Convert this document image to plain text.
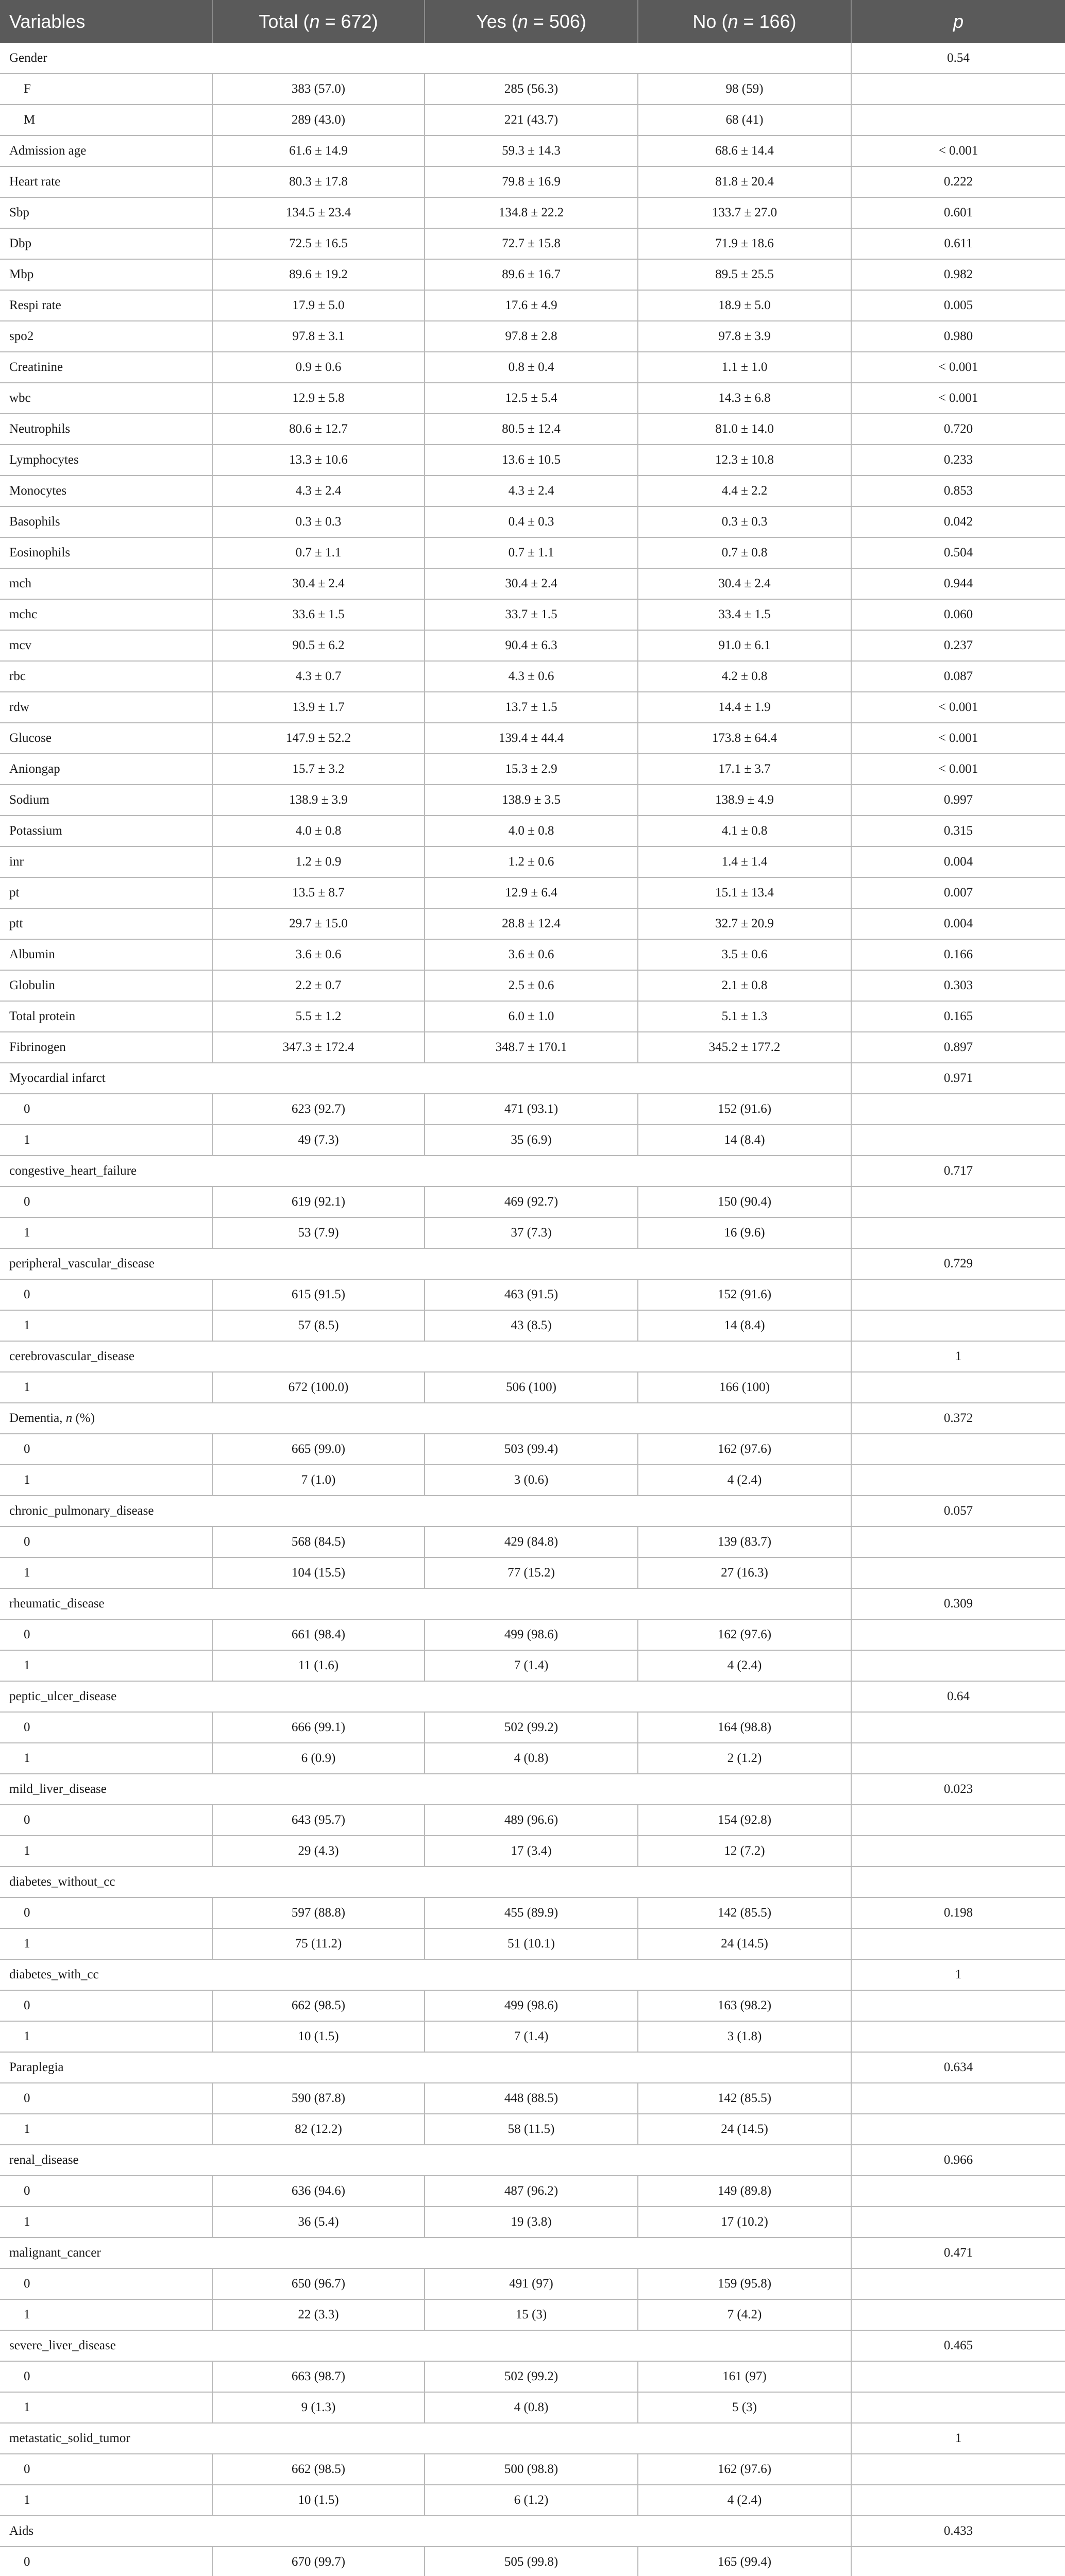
Variables	Total (n = 672)	Yes (n = 506)	No (n = 166)	p
Gender				0.54
F	383 (57.0)	285 (56.3)	98 (59)	
M	289 (43.0)	221 (43.7)	68 (41)	
Admission age	61.6 ± 14.9	59.3 ± 14.3	68.6 ± 14.4	< 0.001
Heart rate	80.3 ± 17.8	79.8 ± 16.9	81.8 ± 20.4	0.222
Sbp	134.5 ± 23.4	134.8 ± 22.2	133.7 ± 27.0	0.601
Dbp	72.5 ± 16.5	72.7 ± 15.8	71.9 ± 18.6	0.611
Mbp	89.6 ± 19.2	89.6 ± 16.7	89.5 ± 25.5	0.982
Respi rate	17.9 ± 5.0	17.6 ± 4.9	18.9 ± 5.0	0.005
spo2	97.8 ± 3.1	97.8 ± 2.8	97.8 ± 3.9	0.980
Creatinine	0.9 ± 0.6	0.8 ± 0.4	1.1 ± 1.0	< 0.001
wbc	12.9 ± 5.8	12.5 ± 5.4	14.3 ± 6.8	< 0.001
Neutrophils	80.6 ± 12.7	80.5 ± 12.4	81.0 ± 14.0	0.720
Lymphocytes	13.3 ± 10.6	13.6 ± 10.5	12.3 ± 10.8	0.233
Monocytes	4.3 ± 2.4	4.3 ± 2.4	4.4 ± 2.2	0.853
Basophils	0.3 ± 0.3	0.4 ± 0.3	0.3 ± 0.3	0.042
Eosinophils	0.7 ± 1.1	0.7 ± 1.1	0.7 ± 0.8	0.504
mch	30.4 ± 2.4	30.4 ± 2.4	30.4 ± 2.4	0.944
mchc	33.6 ± 1.5	33.7 ± 1.5	33.4 ± 1.5	0.060
mcv	90.5 ± 6.2	90.4 ± 6.3	91.0 ± 6.1	0.237
rbc	4.3 ± 0.7	4.3 ± 0.6	4.2 ± 0.8	0.087
rdw	13.9 ± 1.7	13.7 ± 1.5	14.4 ± 1.9	< 0.001
Glucose	147.9 ± 52.2	139.4 ± 44.4	173.8 ± 64.4	< 0.001
Aniongap	15.7 ± 3.2	15.3 ± 2.9	17.1 ± 3.7	< 0.001
Sodium	138.9 ± 3.9	138.9 ± 3.5	138.9 ± 4.9	0.997
Potassium	4.0 ± 0.8	4.0 ± 0.8	4.1 ± 0.8	0.315
inr	1.2 ± 0.9	1.2 ± 0.6	1.4 ± 1.4	0.004
pt	13.5 ± 8.7	12.9 ± 6.4	15.1 ± 13.4	0.007
ptt	29.7 ± 15.0	28.8 ± 12.4	32.7 ± 20.9	0.004
Albumin	3.6 ± 0.6	3.6 ± 0.6	3.5 ± 0.6	0.166
Globulin	2.2 ± 0.7	2.5 ± 0.6	2.1 ± 0.8	0.303
Total protein	5.5 ± 1.2	6.0 ± 1.0	5.1 ± 1.3	0.165
Fibrinogen	347.3 ± 172.4	348.7 ± 170.1	345.2 ± 177.2	0.897
Myocardial infarct				0.971
0	623 (92.7)	471 (93.1)	152 (91.6)	
1	49 (7.3)	35 (6.9)	14 (8.4)	
congestive_heart_failure				0.717
0	619 (92.1)	469 (92.7)	150 (90.4)	
1	53 (7.9)	37 (7.3)	16 (9.6)	
peripheral_vascular_disease				0.729
0	615 (91.5)	463 (91.5)	152 (91.6)	
1	57 (8.5)	43 (8.5)	14 (8.4)	
cerebrovascular_disease				1
1	672 (100.0)	506 (100)	166 (100)	
Dementia, n (%)				0.372
0	665 (99.0)	503 (99.4)	162 (97.6)	
1	7 (1.0)	3 (0.6)	4 (2.4)	
chronic_pulmonary_disease				0.057
0	568 (84.5)	429 (84.8)	139 (83.7)	
1	104 (15.5)	77 (15.2)	27 (16.3)	
rheumatic_disease				0.309
0	661 (98.4)	499 (98.6)	162 (97.6)	
1	11 (1.6)	7 (1.4)	4 (2.4)	
peptic_ulcer_disease				0.64
0	666 (99.1)	502 (99.2)	164 (98.8)	
1	6 (0.9)	4 (0.8)	2 (1.2)	
mild_liver_disease				0.023
0	643 (95.7)	489 (96.6)	154 (92.8)	
1	29 (4.3)	17 (3.4)	12 (7.2)	
diabetes_without_cc				
0	597 (88.8)	455 (89.9)	142 (85.5)	0.198
1	75 (11.2)	51 (10.1)	24 (14.5)	
diabetes_with_cc				1
0	662 (98.5)	499 (98.6)	163 (98.2)	
1	10 (1.5)	7 (1.4)	3 (1.8)	
Paraplegia				0.634
0	590 (87.8)	448 (88.5)	142 (85.5)	
1	82 (12.2)	58 (11.5)	24 (14.5)	
renal_disease				0.966
0	636 (94.6)	487 (96.2)	149 (89.8)	
1	36 (5.4)	19 (3.8)	17 (10.2)	
malignant_cancer				0.471
0	650 (96.7)	491 (97)	159 (95.8)	
1	22 (3.3)	15 (3)	7 (4.2)	
severe_liver_disease				0.465
0	663 (98.7)	502 (99.2)	161 (97)	
1	9 (1.3)	4 (0.8)	5 (3)	
metastatic_solid_tumor				1
0	662 (98.5)	500 (98.8)	162 (97.6)	
1	10 (1.5)	6 (1.2)	4 (2.4)	
Aids				0.433
0	670 (99.7)	505 (99.8)	165 (99.4)	
